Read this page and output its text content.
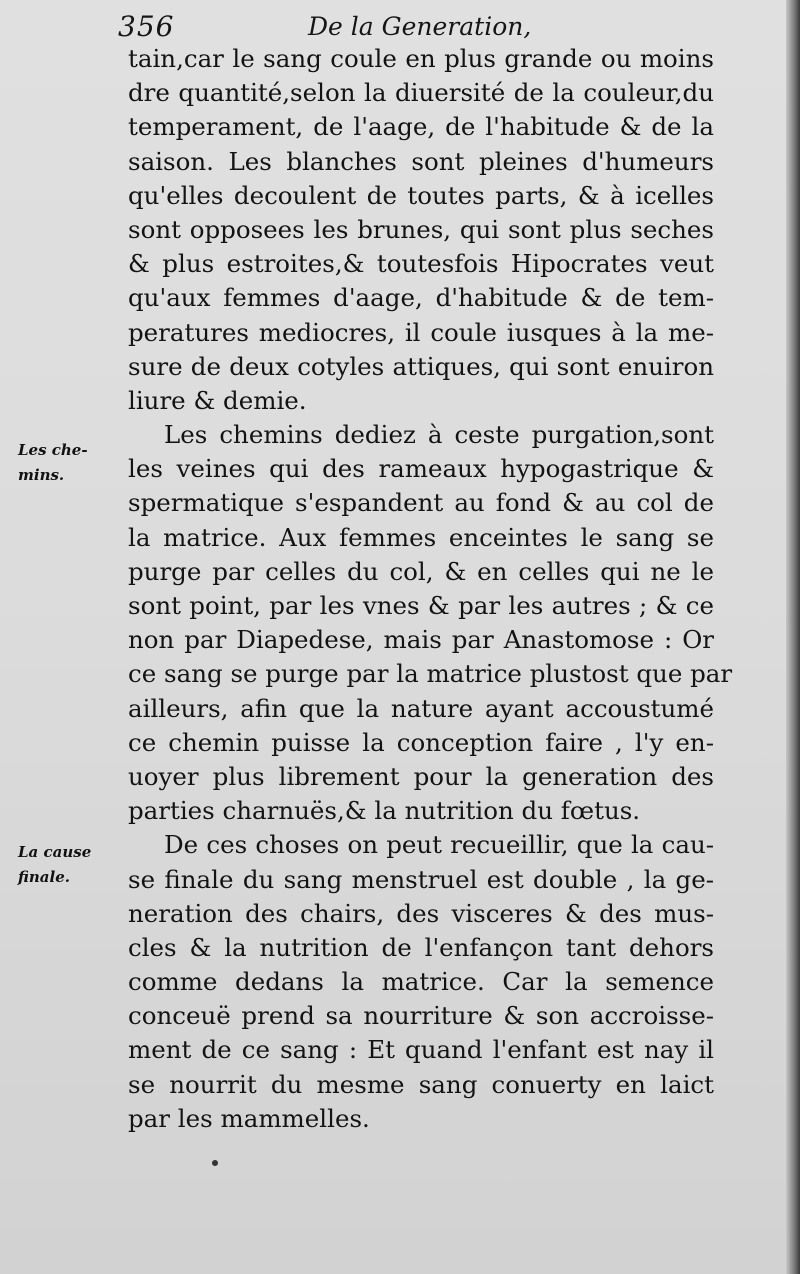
356	De la Generation,
Les che-
mins.
La cause
finale.
tain,car le sang coule en plus grande ou moins
dre quantité,selon la diuersité de la couleur,du
temperament, de l'aage, de l'habitude & de la
saison. Les blanches sont pleines d'humeurs
qu'elles decoulent de toutes parts, & à icelles
sont opposees les brunes, qui sont plus seches
& plus estroites,& toutesfois Hipocrates veut
qu'aux femmes d'aage, d'habitude & de tem-
peratures mediocres, il coule iusques à la me-
sure de deux cotyles attiques, qui sont enuiron
liure & demie.
Les chemins dediez à ceste purgation,sont
les veines qui des rameaux hypogastrique &
spermatique s'espandent au fond & au col de
la matrice. Aux femmes enceintes le sang se
purge par celles du col, & en celles qui ne le
sont point, par les vnes & par les autres ; & ce
non par Diapedese, mais par Anastomose : Or
ce sang se purge par la matrice plustost que par
ailleurs, afin que la nature ayant accoustumé
ce chemin puisse la conception faire , l'y en-
uoyer plus librement pour la generation des
parties charnuës,& la nutrition du fœtus.
De ces choses on peut recueillir, que la cau-
se finale du sang menstruel est double , la ge-
neration des chairs, des visceres & des mus-
cles & la nutrition de l'enfançon tant dehors
comme dedans la matrice. Car la semence
conceuë prend sa nourriture & son accroisse-
ment de ce sang : Et quand l'enfant est nay il
se nourrit du mesme sang conuerty en laict
par les mammelles.
